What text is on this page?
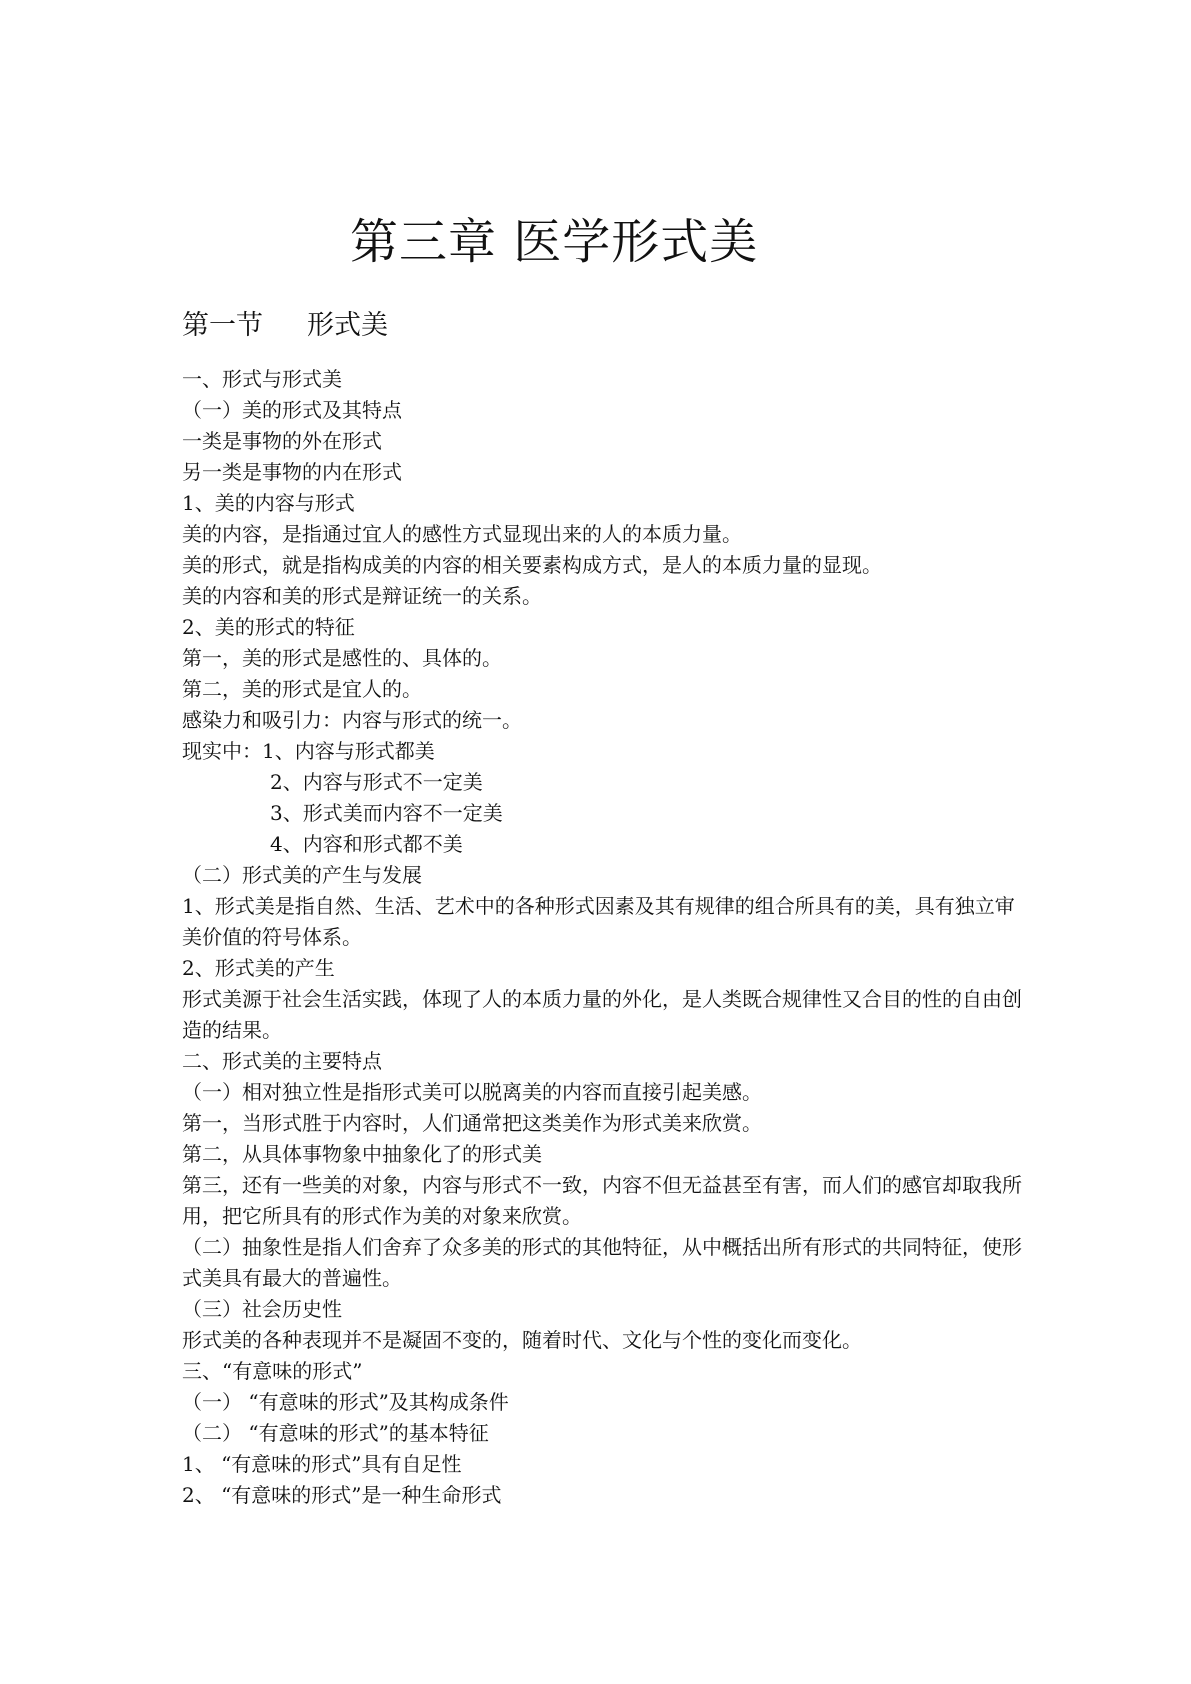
第三章 医学形式美
第一节 形式美
一、形式与形式美
（一）美的形式及其特点
一类是事物的外在形式
另一类是事物的内在形式
1、美的内容与形式
美的内容，是指通过宜人的感性方式显现出来的人的本质力量。
美的形式，就是指构成美的内容的相关要素构成方式，是人的本质力量的显现。
美的内容和美的形式是辩证统一的关系。
2、美的形式的特征
第一，美的形式是感性的、具体的。
第二，美的形式是宜人的。
感染力和吸引力：内容与形式的统一。
现实中：1、内容与形式都美
2、内容与形式不一定美
3、形式美而内容不一定美
4、内容和形式都不美
（二）形式美的产生与发展
1、形式美是指自然、生活、艺术中的各种形式因素及其有规律的组合所具有的美，具有独立审美价值的符号体系。
2、形式美的产生
形式美源于社会生活实践，体现了人的本质力量的外化，是人类既合规律性又合目的性的自由创造的结果。
二、形式美的主要特点
（一）相对独立性是指形式美可以脱离美的内容而直接引起美感。
第一，当形式胜于内容时，人们通常把这类美作为形式美来欣赏。
第二，从具体事物象中抽象化了的形式美
第三，还有一些美的对象，内容与形式不一致，内容不但无益甚至有害，而人们的感官却取我所用，把它所具有的形式作为美的对象来欣赏。
（二）抽象性是指人们舍弃了众多美的形式的其他特征，从中概括出所有形式的共同特征，使形式美具有最大的普遍性。
（三）社会历史性
形式美的各种表现并不是凝固不变的，随着时代、文化与个性的变化而变化。
三、“有意味的形式”
（一） “有意味的形式”及其构成条件
（二） “有意味的形式”的基本特征
1、 “有意味的形式”具有自足性
2、 “有意味的形式”是一种生命形式
